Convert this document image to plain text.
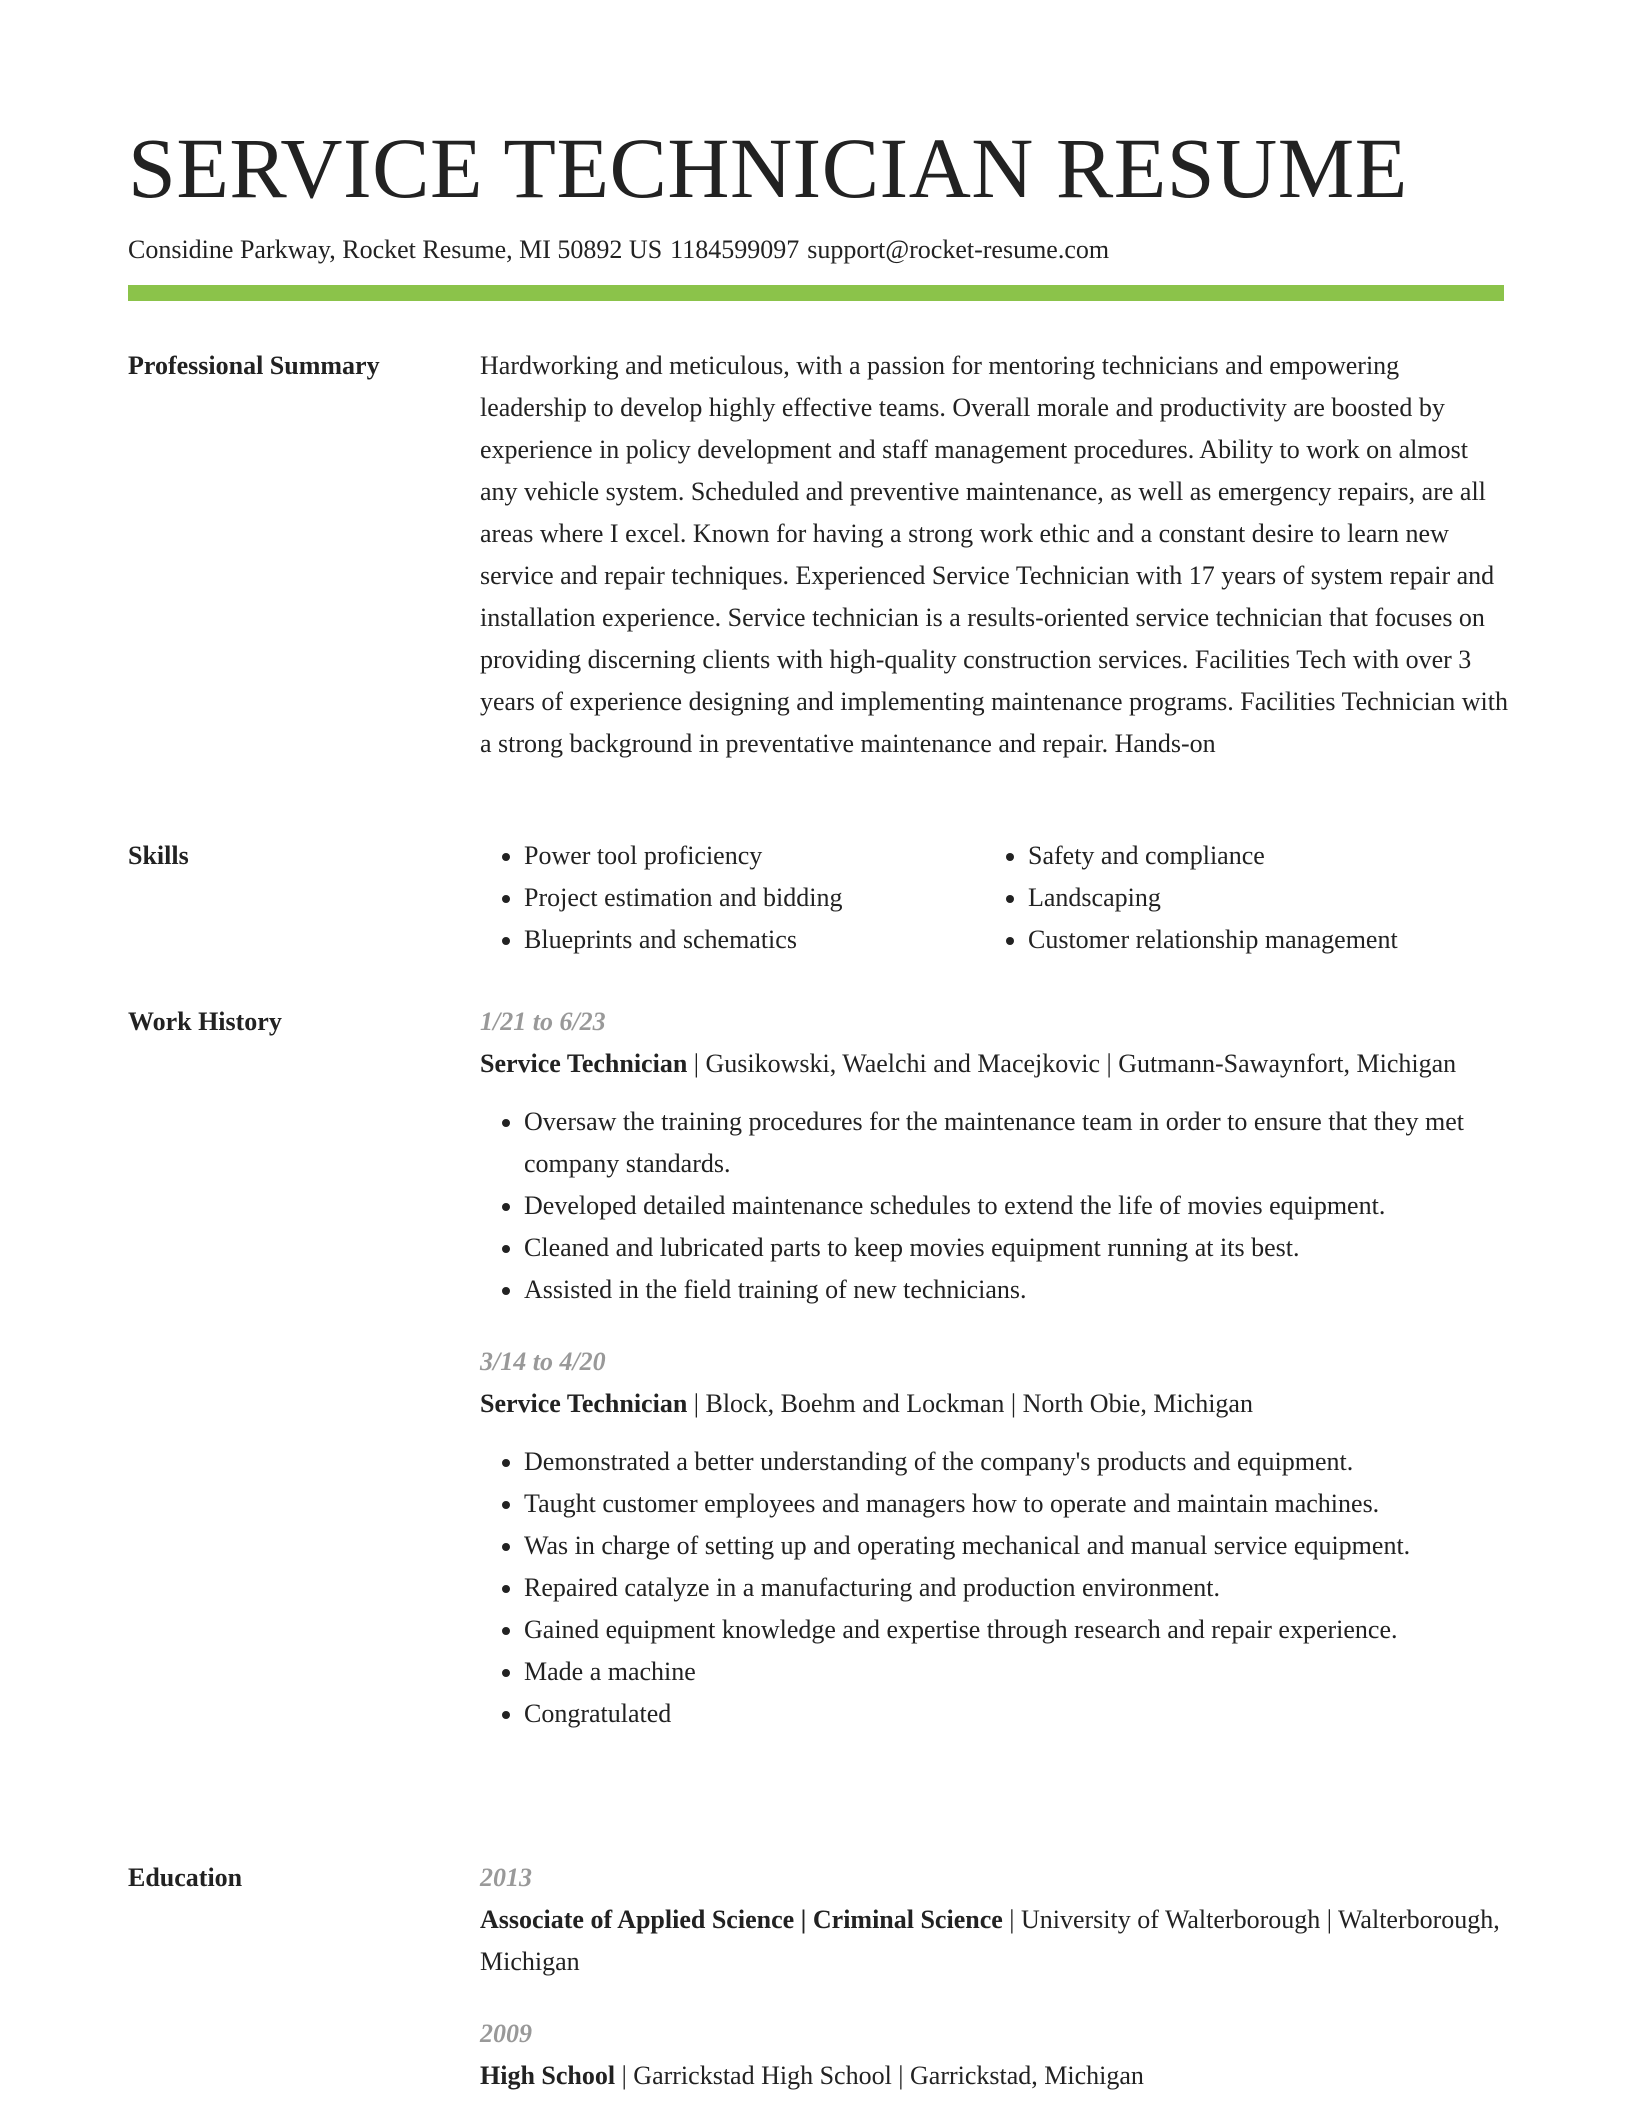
SERVICE TECHNICIAN RESUME
Considine Parkway, Rocket Resume, MI 50892 US 1184599097 support@rocket-resume.com
Professional Summary	Hardworking and meticulous, with a passion for mentoring technicians and empowering leadership to develop highly effective teams. Overall morale and productivity are boosted by experience in policy development and staff management procedures. Ability to work on almost any vehicle system. Scheduled and preventive maintenance, as well as emergency repairs, are all areas where I excel. Known for having a strong work ethic and a constant desire to learn new service and repair techniques. Experienced Service Technician with 17 years of system repair and installation experience. Service technician is a results-oriented service technician that focuses on providing discerning clients with high-quality construction services. Facilities Tech with over 3 years of experience designing and implementing maintenance programs. Facilities Technician with a strong background in preventative maintenance and repair. Hands-on

Skills
•	Power tool proficiency
• Project estimation and bidding
• Blueprints and schematics
• Safety and compliance
• Landscaping
• Customer relationship management
Work History	1/21 to 6/23

Service Technician | Gusikowski, Waelchi and Macejkovic | Gutmann-Sawaynfort, Michigan

• Oversaw the training procedures for the maintenance team in order to ensure that they met company standards.
• Developed detailed maintenance schedules to extend the life of movies equipment.
• Cleaned and lubricated parts to keep movies equipment running at its best.
• Assisted in the field training of new technicians.
3/14 to 4/20

Service Technician | Block, Boehm and Lockman | North Obie, Michigan

• Demonstrated a better understanding of the company's products and equipment.
• Taught customer employees and managers how to operate and maintain machines.
• Was in charge of setting up and operating mechanical and manual service equipment.
• Repaired catalyze in a manufacturing and production environment.
• Gained equipment knowledge and expertise through research and repair experience.
• Made a machine
• Congratulated
Education	2013

Associate of Applied Science | Criminal Science | University of Walterborough | Walterborough, Michigan

2009

High School | Garrickstad High School | Garrickstad, Michigan
